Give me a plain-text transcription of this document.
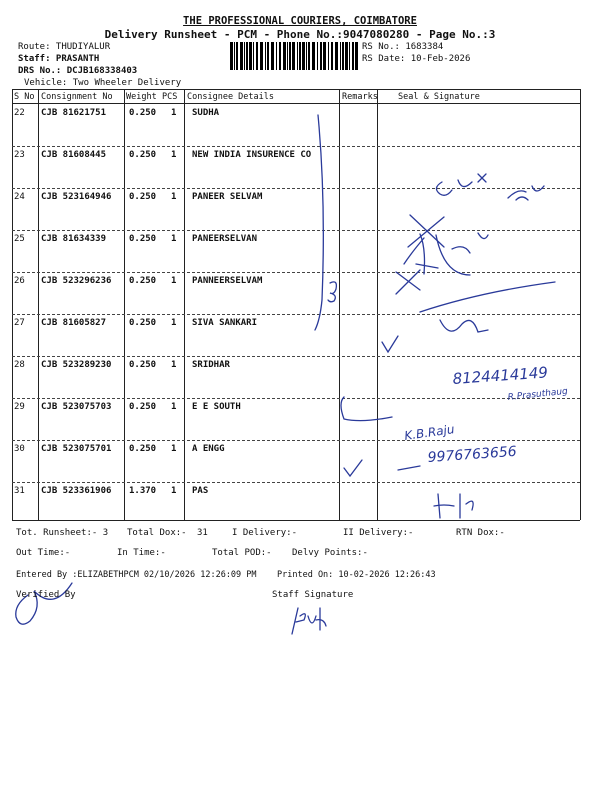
THE PROFESSIONAL COURIERS, COIMBATORE
Delivery Runsheet - PCM - Phone No.:9047080280 - Page No.:3
Route: THUDIYALUR
Staff: PRASANTH
DRS No.: DCJB168338403
Vehicle: Two Wheeler Delivery
RS No.: 1683384
RS Date: 10-Feb-2026
S No Consignment No Weight PCS Consignee Details	Remarks Seal & Signature
22 CJB 81621751	0.250 1 SUDHA
23 CJB 81608445	0.250 1 NEW INDIA INSURENCE CO
24 CJB 523164946 0.250 1 PANEER SELVAM
25 CJB 81634339	0.250 1 PANEERSELVAN
26 CJB 523296236 0.250 1 PANNEERSELVAM
27 CJB 81605827	0.250 1 SIVA SANKARI
28 CJB 523289230 0.250 1 SRIDHAR
29 CJB 523075703 0.250 1 E E SOUTH
30 CJB 523075701 0.250 1 A ENGG
31 CJB 523361906 1.370 1 PAS
8124414149
R.Prasuthaug
K.B.Raju
9976763656
Tot. Runsheet:- 3 Total Dox:- 31	I Delivery:-	II Delivery:-	RTN Dox:-
Out Time:-	In Time:-	Total POD:- Delvy Points:-
Entered By :ELIZABETHPCM 02/10/2026 12:26:09 PM Printed On: 10-02-2026 12:26:43
Verified By	Staff Signature
